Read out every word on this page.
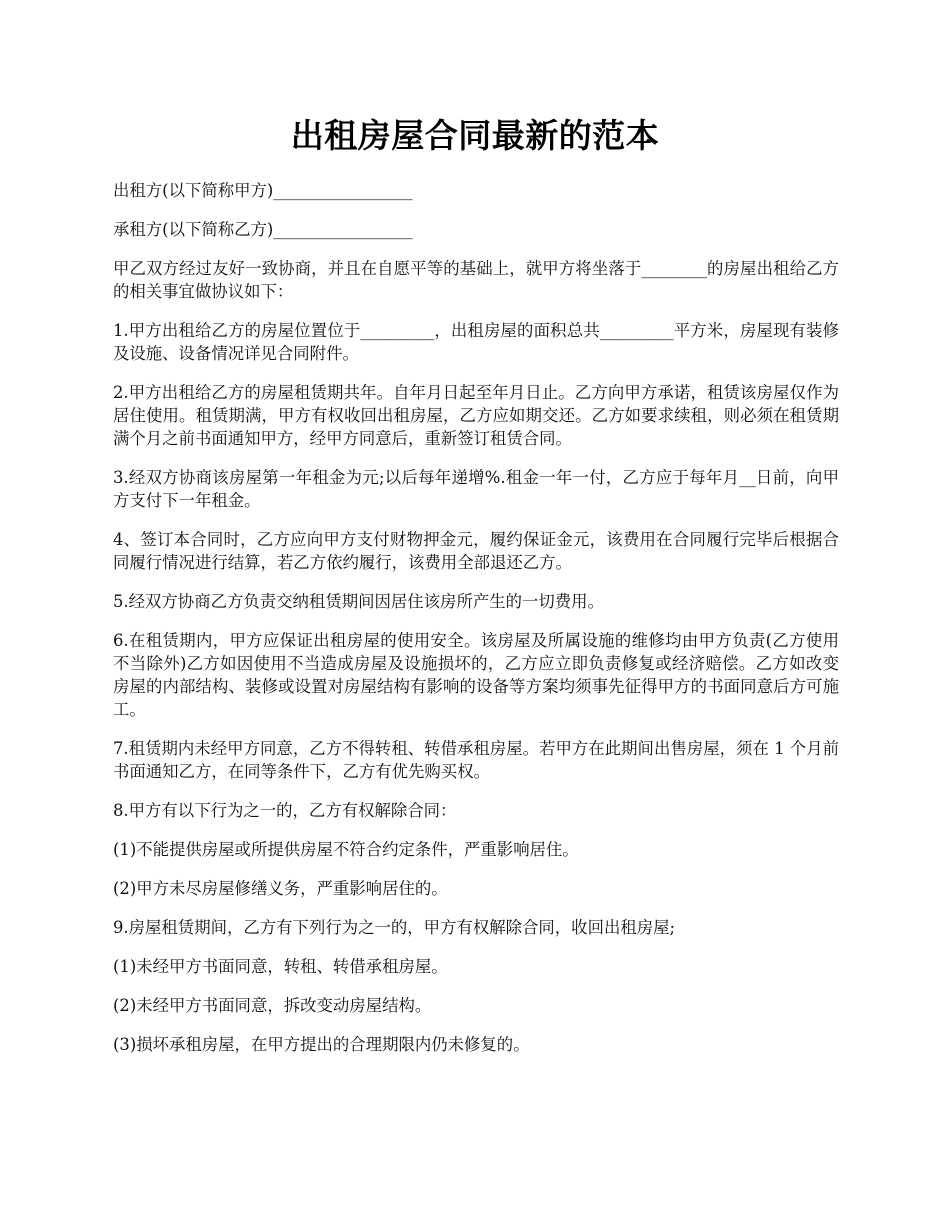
出租房屋合同最新的范本

出租方(以下简称甲方)_________________

承租方(以下简称乙方)_________________

甲乙双方经过友好一致协商，并且在自愿平等的基础上，就甲方将坐落于________的房屋出租给乙方的相关事宜做协议如下：

1.甲方出租给乙方的房屋位置位于_________，出租房屋的面积总共_________平方米，房屋现有装修及设施、设备情况详见合同附件。

2.甲方出租给乙方的房屋租赁期共年。自年月日起至年月日止。乙方向甲方承诺，租赁该房屋仅作为居住使用。租赁期满，甲方有权收回出租房屋，乙方应如期交还。乙方如要求续租，则必须在租赁期满个月之前书面通知甲方，经甲方同意后，重新签订租赁合同。

3.经双方协商该房屋第一年租金为元;以后每年递增%.租金一年一付，乙方应于每年月__日前，向甲方支付下一年租金。

4、签订本合同时，乙方应向甲方支付财物押金元，履约保证金元，该费用在合同履行完毕后根据合同履行情况进行结算，若乙方依约履行，该费用全部退还乙方。

5.经双方协商乙方负责交纳租赁期间因居住该房所产生的一切费用。

6.在租赁期内，甲方应保证出租房屋的使用安全。该房屋及所属设施的维修均由甲方负责(乙方使用不当除外)乙方如因使用不当造成房屋及设施损坏的，乙方应立即负责修复或经济赔偿。乙方如改变房屋的内部结构、装修或设置对房屋结构有影响的设备等方案均须事先征得甲方的书面同意后方可施工。

7.租赁期内未经甲方同意，乙方不得转租、转借承租房屋。若甲方在此期间出售房屋，须在 1 个月前书面通知乙方，在同等条件下，乙方有优先购买权。

8.甲方有以下行为之一的，乙方有权解除合同：

(1)不能提供房屋或所提供房屋不符合约定条件，严重影响居住。

(2)甲方未尽房屋修缮义务，严重影响居住的。

9.房屋租赁期间，乙方有下列行为之一的，甲方有权解除合同，收回出租房屋;

(1)未经甲方书面同意，转租、转借承租房屋。

(2)未经甲方书面同意，拆改变动房屋结构。

(3)损坏承租房屋，在甲方提出的合理期限内仍未修复的。
